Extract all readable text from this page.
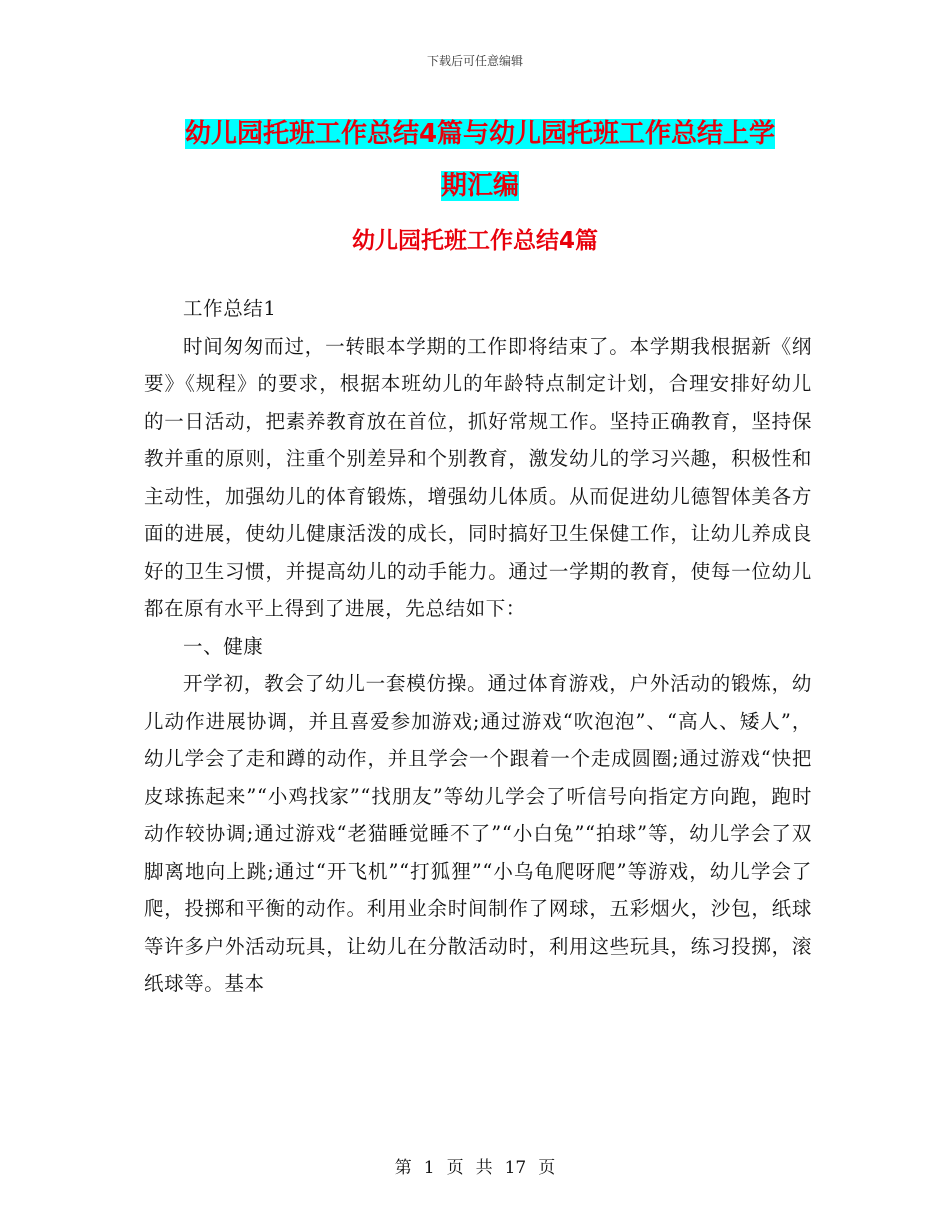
下载后可任意编辑
幼儿园托班工作总结4篇与幼儿园托班工作总结上学
期汇编
幼儿园托班工作总结4篇

工作总结1

时间匆匆而过，一转眼本学期的工作即将结束了。本学期我根据新《纲要》《规程》的要求，根据本班幼儿的年龄特点制定计划，合理安排好幼儿的一日活动，把素养教育放在首位，抓好常规工作。坚持正确教育，坚持保教并重的原则，注重个别差异和个别教育，激发幼儿的学习兴趣，积极性和主动性，加强幼儿的体育锻炼，增强幼儿体质。从而促进幼儿德智体美各方面的进展，使幼儿健康活泼的成长，同时搞好卫生保健工作，让幼儿养成良好的卫生习惯，并提高幼儿的动手能力。通过一学期的教育，使每一位幼儿都在原有水平上得到了进展，先总结如下：

一、健康

开学初，教会了幼儿一套模仿操。通过体育游戏，户外活动的锻炼，幼儿动作进展协调，并且喜爱参加游戏;通过游戏“吹泡泡”、“高人、矮人”， 幼儿学会了走和蹲的动作，并且学会一个跟着一个走成圆圈;通过游戏“快把皮球拣起来”“小鸡找家”“找朋友”等幼儿学会了听信号向指定方向跑，跑时动作较协调;通过游戏“老猫睡觉睡不了”“小白兔”“拍球”等，幼儿学会了双脚离地向上跳;通过“开飞机”“打狐狸”“小乌龟爬呀爬”等游戏，幼儿学会了爬，投掷和平衡的动作。利用业余时间制作了网球，五彩烟火，沙包，纸球等许多户外活动玩具，让幼儿在分散活动时，利用这些玩具，练习投掷，滚纸球等。基本

第 1 页 共 17 页
